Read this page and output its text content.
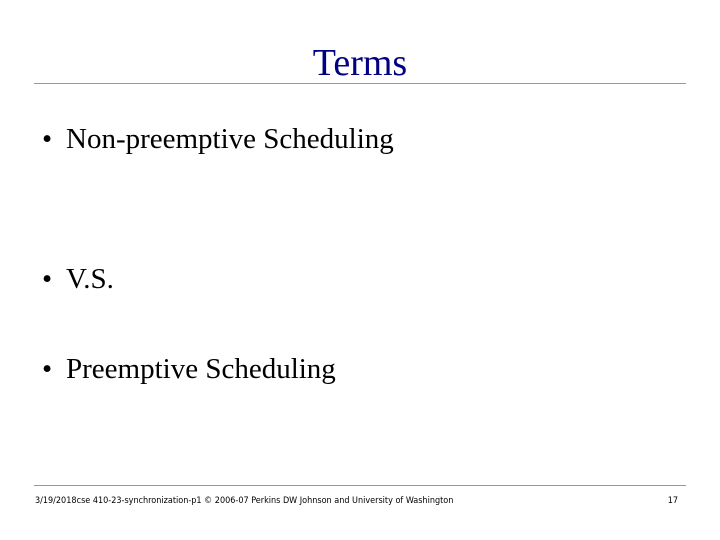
Terms
• Non-preemptive Scheduling
• V.S.
• Preemptive Scheduling
3/19/2018 cse 410-23-synchronization-p1 © 2006-07 Perkins DW Johnson and University of Washington	17
